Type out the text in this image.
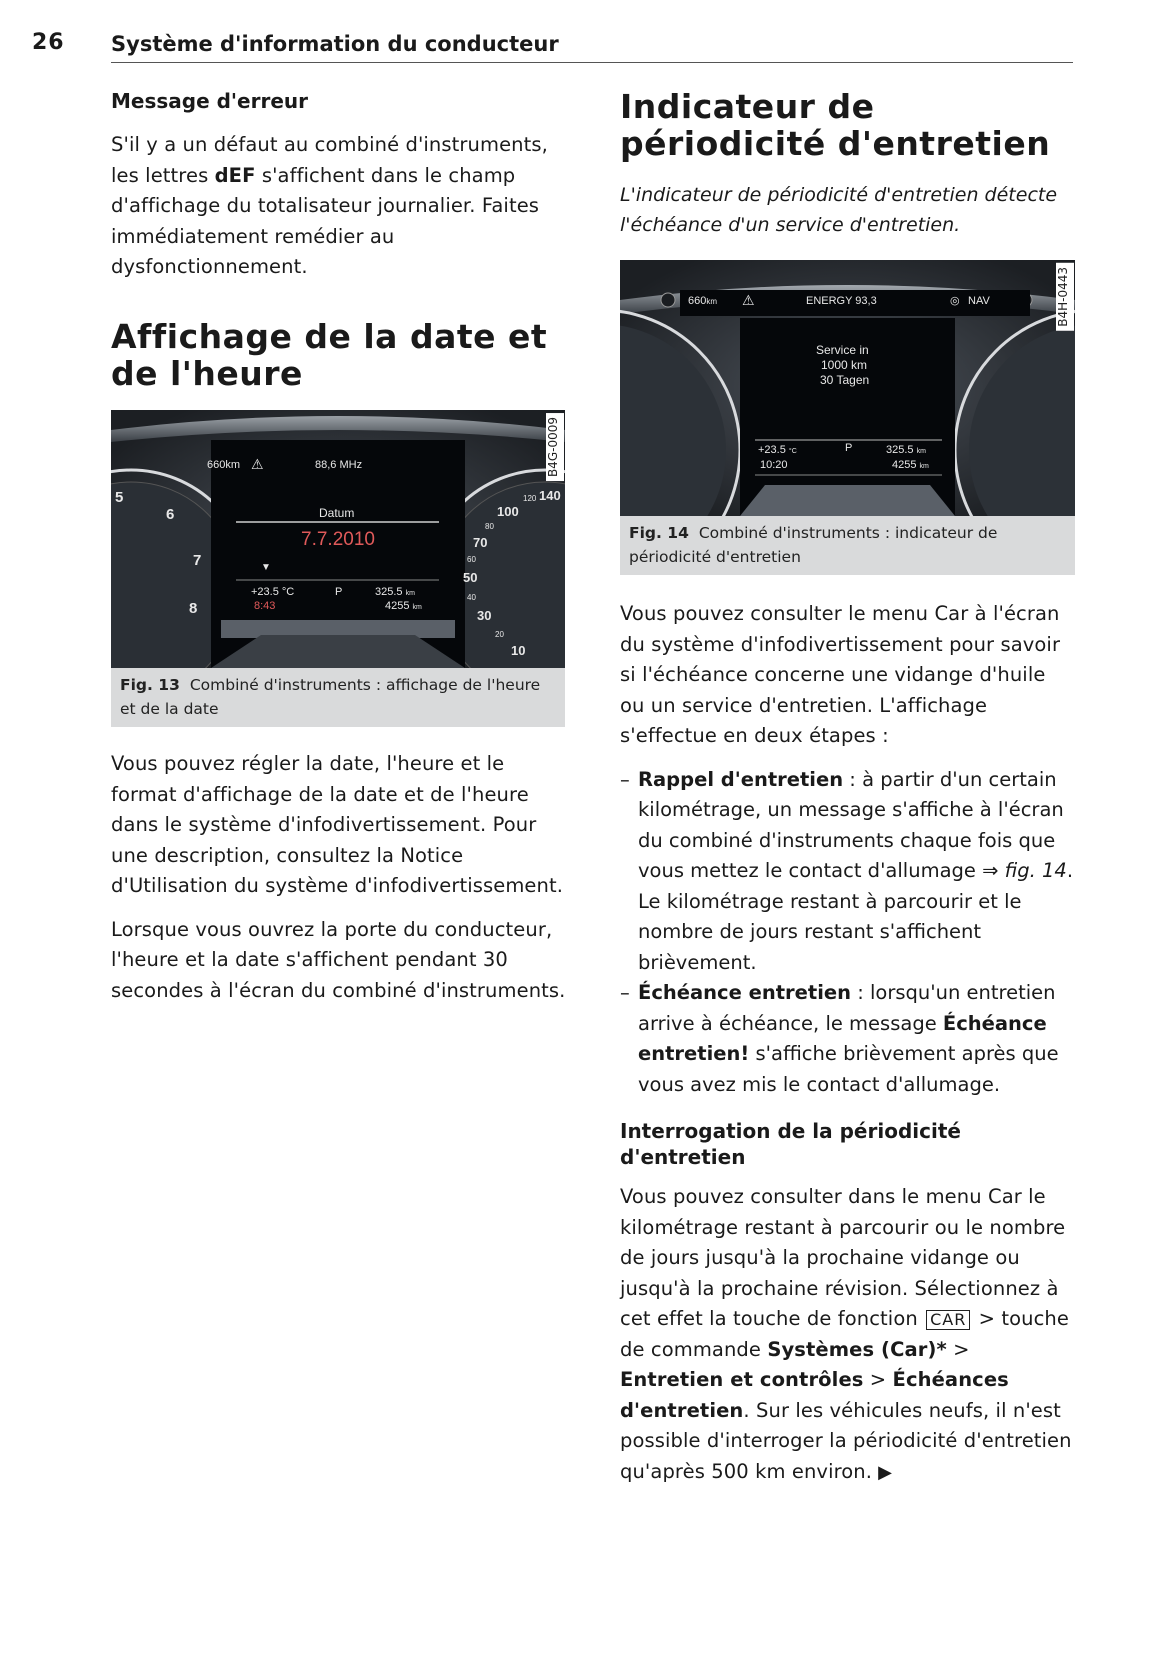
26 Système d'information du conducteur
Message d'erreur

S'il y a un défaut au combiné d'instruments, les lettres dEF s'affichent dans le champ d'affichage du totalisateur journalier. Faites immédiatement remédier au dysfonctionnement.

Affichage de la date et de l'heure
660km ⚠	88,6 MHz
Datum
7.7.2010
▼
+23.5 °C
8:43
P	325.5 km
4255 km
5
6
7
8
140
120
100
80
70
60
50
40
30
20
10
B4G-0009
Fig. 13 Combiné d'instruments : affichage de l'heure et de la date

Vous pouvez régler la date, l'heure et le format d'affichage de la date et de l'heure dans le système d'infodivertissement. Pour une description, consultez la Notice d'Utilisation du système d'infodivertissement.

Lorsque vous ouvrez la porte du conducteur, l'heure et la date s'affichent pendant 30 secondes à l'écran du combiné d'instruments.

Indicateur de périodicité d'entretien

L'indicateur de périodicité d'entretien détecte l'échéance d'un service d'entretien.

660km ⚠	ENERGY 93,3	◎ NAV
Service in
1000 km
30 Tagen
+23.5 °C
10:20
P	325.5 km
4255 km
B4H-0443
Fig. 14 Combiné d'instruments : indicateur de périodicité d'entretien

Vous pouvez consulter le menu Car à l'écran du système d'infodivertissement pour savoir si l'échéance concerne une vidange d'huile ou un service d'entretien. L'affichage s'effectue en deux étapes :

– Rappel d'entretien : à partir d'un certain kilométrage, un message s'affiche à l'écran du combiné d'instruments chaque fois que vous mettez le contact d'allumage ⇒ fig. 14. Le kilométrage restant à parcourir et le nombre de jours restant s'affichent brièvement.
– Échéance entretien : lorsqu'un entretien arrive à échéance, le message Échéance entretien! s'affiche brièvement après que vous avez mis le contact d'allumage.
Interrogation de la périodicité d'entretien

Vous pouvez consulter dans le menu Car le kilométrage restant à parcourir ou le nombre de jours jusqu'à la prochaine vidange ou jusqu'à la prochaine révision. Sélectionnez à cet effet la touche de fonction CAR > touche de commande Systèmes (Car)* > Entretien et contrôles > Échéances d'entretien. Sur les véhicules neufs, il n'est possible d'interroger la périodicité d'entretien qu'après 500 km environ. ▶
